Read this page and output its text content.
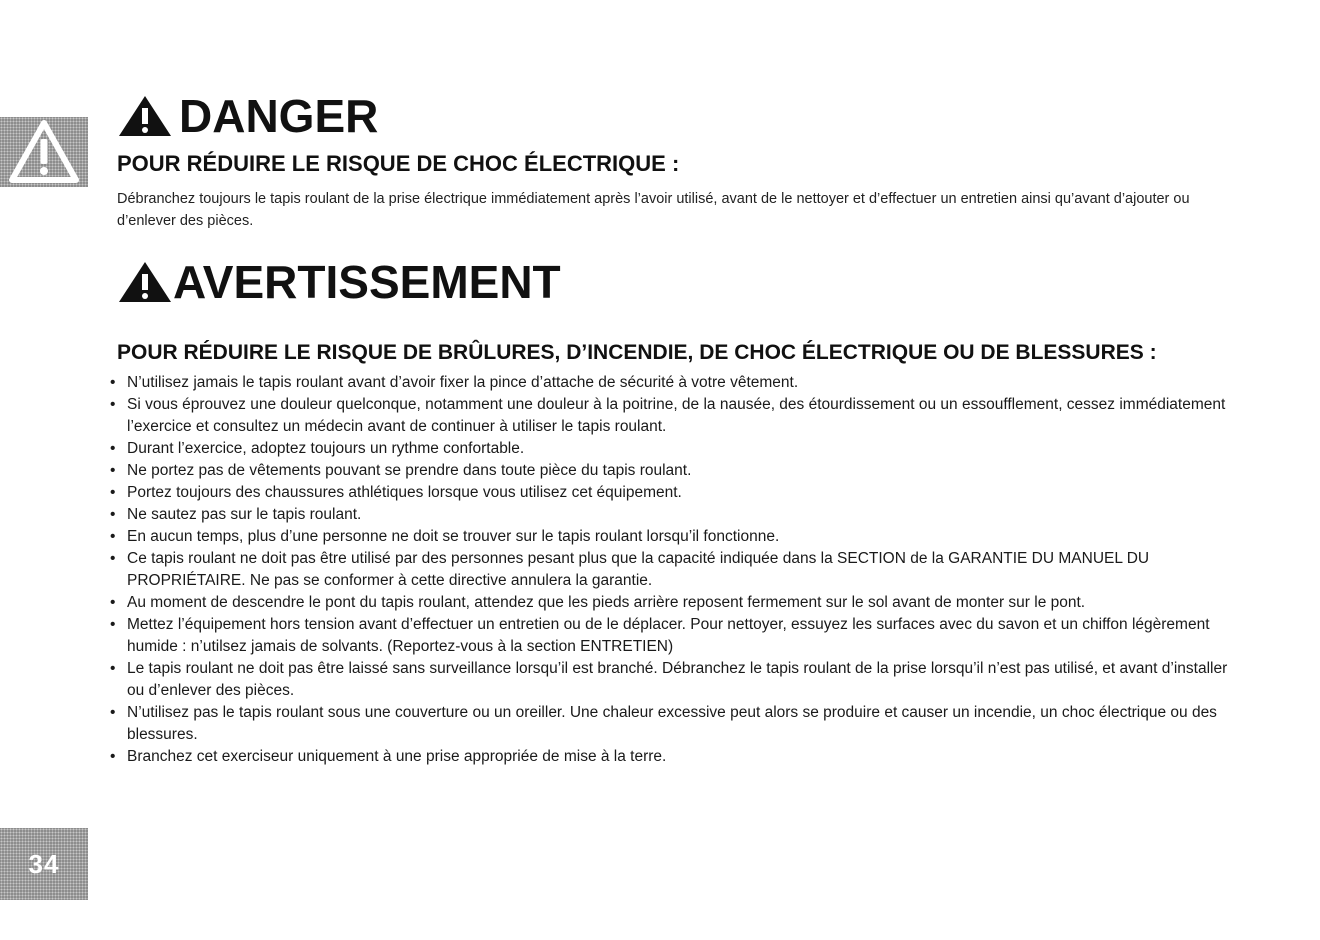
DANGER
POUR RÉDUIRE LE RISQUE DE CHOC ÉLECTRIQUE :

Débranchez toujours le tapis roulant de la prise électrique immédiatement après l’avoir utilisé, avant de le nettoyer et d’effectuer un entretien ainsi qu’avant d’ajouter ou d’enlever des pièces.

AVERTISSEMENT
POUR RÉDUIRE LE RISQUE DE BRÛLURES, D’INCENDIE, DE CHOC ÉLECTRIQUE OU DE BLESSURES :
• N’utilisez jamais le tapis roulant avant d’avoir fixer la pince d’attache de sécurité à votre vêtement.
• Si vous éprouvez une douleur quelconque, notamment une douleur à la poitrine, de la nausée, des étourdissement ou un essoufflement, cessez immédiatement l’exercice et consultez un médecin avant de continuer à utiliser le tapis roulant.
• Durant l’exercice, adoptez toujours un rythme confortable.
• Ne portez pas de vêtements pouvant se prendre dans toute pièce du tapis roulant.
• Portez toujours des chaussures athlétiques lorsque vous utilisez cet équipement.
• Ne sautez pas sur le tapis roulant.
• En aucun temps, plus d’une personne ne doit se trouver sur le tapis roulant lorsqu’il fonctionne.
• Ce tapis roulant ne doit pas être utilisé par des personnes pesant plus que la capacité indiquée dans la SECTION de la GARANTIE DU MANUEL DU PROPRIÉTAIRE. Ne pas se conformer à cette directive annulera la garantie.
• Au moment de descendre le pont du tapis roulant, attendez que les pieds arrière reposent fermement sur le sol avant de monter sur le pont.
• Mettez l’équipement hors tension avant d’effectuer un entretien ou de le déplacer. Pour nettoyer, essuyez les surfaces avec du savon et un chiffon légèrement humide : n’utilsez jamais de solvants. (Reportez-vous à la section ENTRETIEN)
• Le tapis roulant ne doit pas être laissé sans surveillance lorsqu’il est branché. Débranchez le tapis roulant de la prise lorsqu’il n’est pas utilisé, et avant d’installer ou d’enlever des pièces.
• N’utilisez pas le tapis roulant sous une couverture ou un oreiller. Une chaleur excessive peut alors se produire et causer un incendie, un choc électrique ou des blessures.
• Branchez cet exerciseur uniquement à une prise appropriée de mise à la terre.
34
